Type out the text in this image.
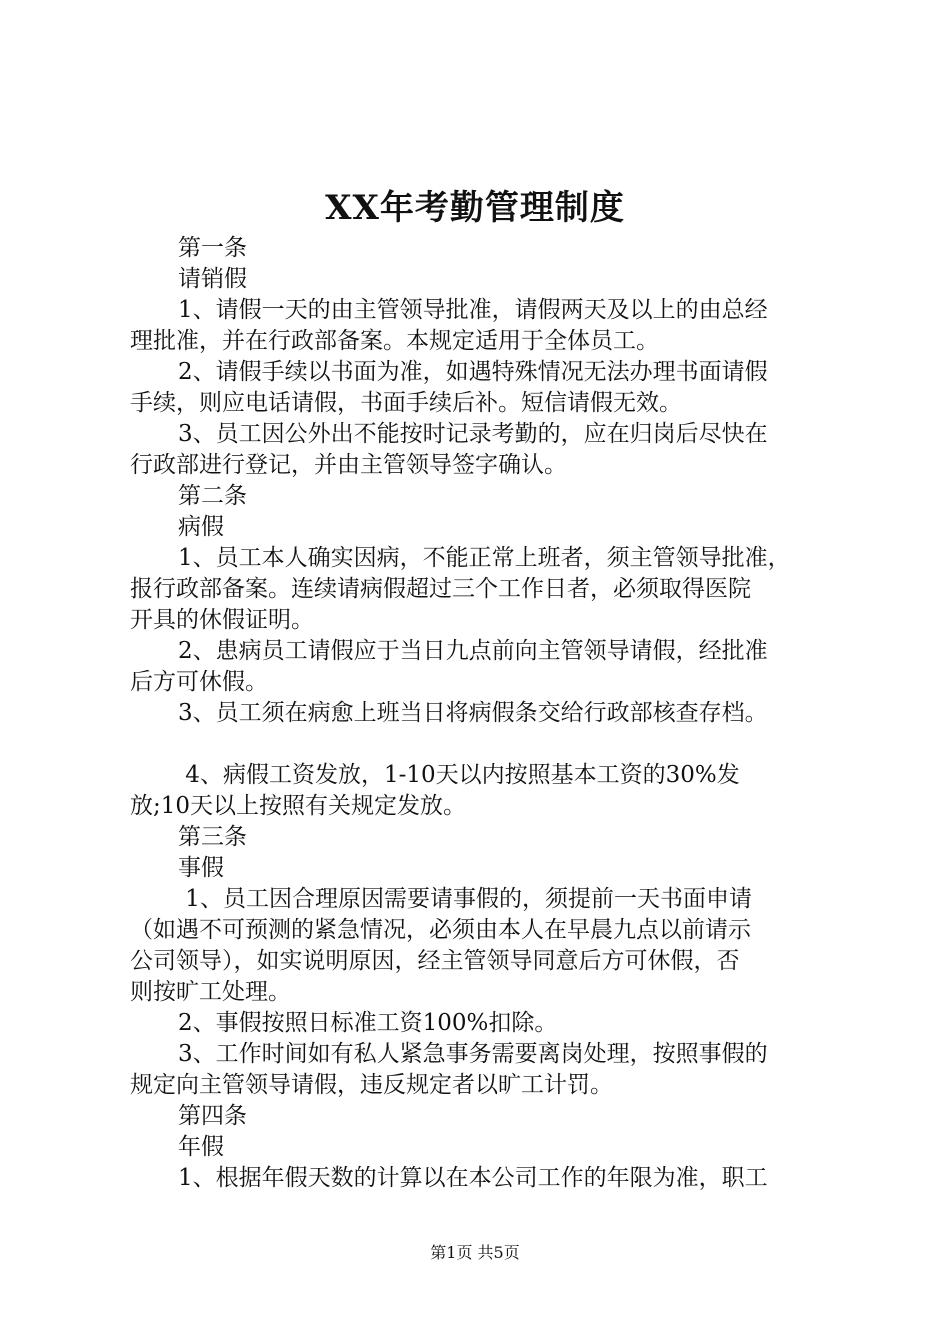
XX年考勤管理制度
第一条
请销假
1、请假一天的由主管领导批准，请假两天及以上的由总经
理批准，并在行政部备案。本规定适用于全体员工。
2、请假手续以书面为准，如遇特殊情况无法办理书面请假
手续，则应电话请假，书面手续后补。短信请假无效。
3、员工因公外出不能按时记录考勤的，应在归岗后尽快在
行政部进行登记，并由主管领导签字确认。
第二条
病假
1、员工本人确实因病，不能正常上班者，须主管领导批准，
报行政部备案。连续请病假超过三个工作日者，必须取得医院
开具的休假证明。
2、患病员工请假应于当日九点前向主管领导请假，经批准
后方可休假。
3、员工须在病愈上班当日将病假条交给行政部核查存档。
4、病假工资发放，1-10天以内按照基本工资的30%发
放;10天以上按照有关规定发放。
第三条
事假
1、员工因合理原因需要请事假的，须提前一天书面申请
（如遇不可预测的紧急情况，必须由本人在早晨九点以前请示
公司领导），如实说明原因，经主管领导同意后方可休假，否
则按旷工处理。
2、事假按照日标准工资100%扣除。
3、工作时间如有私人紧急事务需要离岗处理，按照事假的
规定向主管领导请假，违反规定者以旷工计罚。
第四条
年假
1、根据年假天数的计算以在本公司工作的年限为准，职工
第1页 共5页
